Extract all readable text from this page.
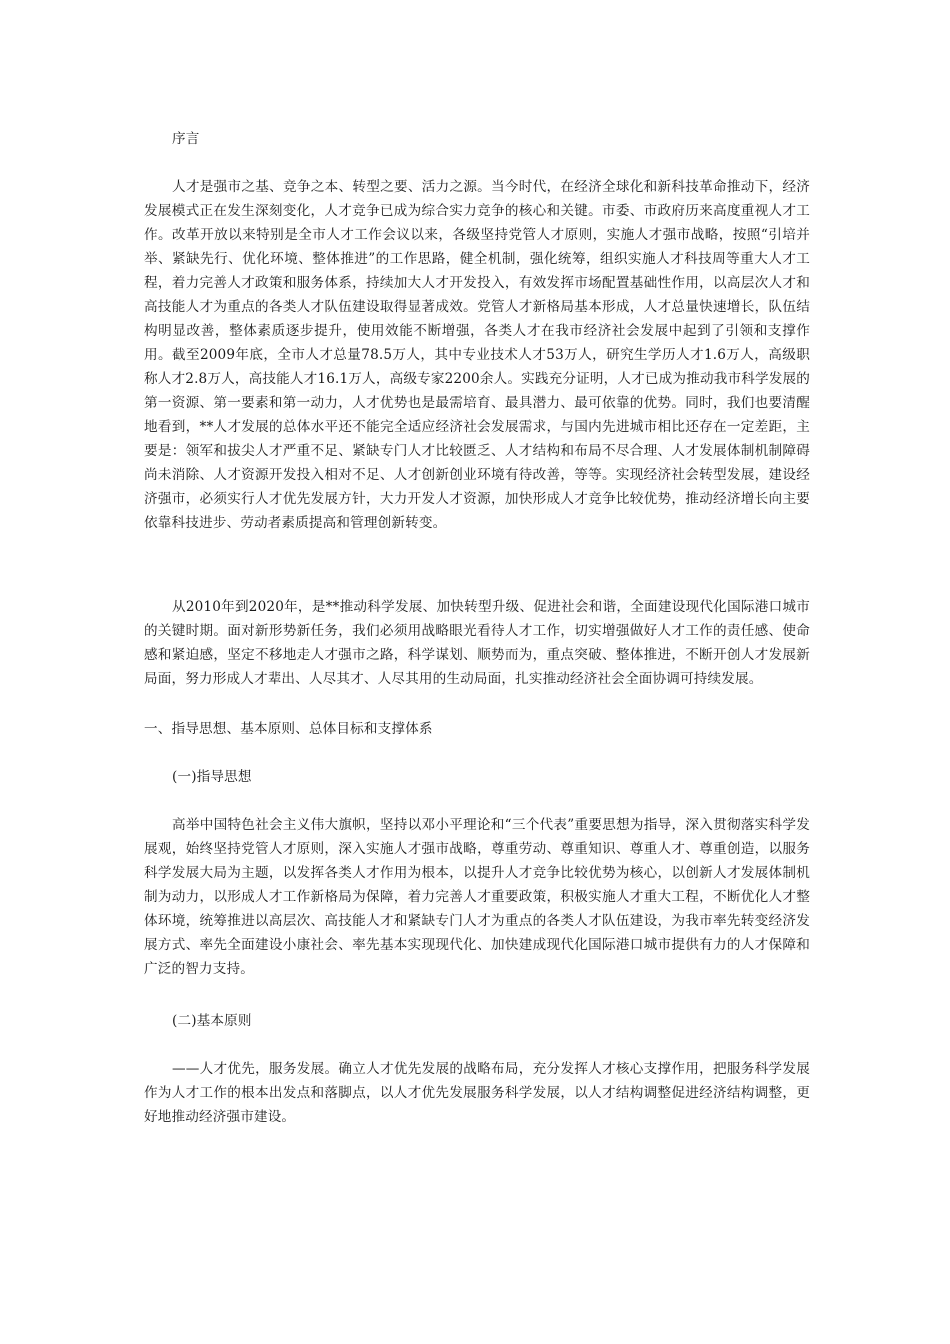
序言

人才是强市之基、竞争之本、转型之要、活力之源。当今时代，在经济全球化和新科技革命推动下，经济发展模式正在发生深刻变化，人才竞争已成为综合实力竞争的核心和关键。市委、市政府历来高度重视人才工作。改革开放以来特别是全市人才工作会议以来，各级坚持党管人才原则，实施人才强市战略，按照“引培并举、紧缺先行、优化环境、整体推进”的工作思路，健全机制，强化统筹，组织实施人才科技周等重大人才工程，着力完善人才政策和服务体系，持续加大人才开发投入，有效发挥市场配置基础性作用，以高层次人才和高技能人才为重点的各类人才队伍建设取得显著成效。党管人才新格局基本形成，人才总量快速增长，队伍结构明显改善，整体素质逐步提升，使用效能不断增强，各类人才在我市经济社会发展中起到了引领和支撑作用。截至2009年底，全市人才总量78.5万人，其中专业技术人才53万人，研究生学历人才1.6万人，高级职称人才2.8万人，高技能人才16.1万人，高级专家2200余人。实践充分证明，人才已成为推动我市科学发展的第一资源、第一要素和第一动力，人才优势也是最需培育、最具潜力、最可依靠的优势。同时，我们也要清醒地看到，**人才发展的总体水平还不能完全适应经济社会发展需求，与国内先进城市相比还存在一定差距，主要是：领军和拔尖人才严重不足、紧缺专门人才比较匮乏、人才结构和布局不尽合理、人才发展体制机制障碍尚未消除、人才资源开发投入相对不足、人才创新创业环境有待改善，等等。实现经济社会转型发展，建设经济强市，必须实行人才优先发展方针，大力开发人才资源，加快形成人才竞争比较优势，推动经济增长向主要依靠科技进步、劳动者素质提高和管理创新转变。

从2010年到2020年，是**推动科学发展、加快转型升级、促进社会和谐，全面建设现代化国际港口城市的关键时期。面对新形势新任务，我们必须用战略眼光看待人才工作，切实增强做好人才工作的责任感、使命感和紧迫感，坚定不移地走人才强市之路，科学谋划、顺势而为，重点突破、整体推进，不断开创人才发展新局面，努力形成人才辈出、人尽其才、人尽其用的生动局面，扎实推动经济社会全面协调可持续发展。

一、指导思想、基本原则、总体目标和支撑体系

(一)指导思想

高举中国特色社会主义伟大旗帜，坚持以邓小平理论和“三个代表”重要思想为指导，深入贯彻落实科学发展观，始终坚持党管人才原则，深入实施人才强市战略，尊重劳动、尊重知识、尊重人才、尊重创造，以服务科学发展大局为主题，以发挥各类人才作用为根本，以提升人才竞争比较优势为核心，以创新人才发展体制机制为动力，以形成人才工作新格局为保障，着力完善人才重要政策，积极实施人才重大工程，不断优化人才整体环境，统筹推进以高层次、高技能人才和紧缺专门人才为重点的各类人才队伍建设，为我市率先转变经济发展方式、率先全面建设小康社会、率先基本实现现代化、加快建成现代化国际港口城市提供有力的人才保障和广泛的智力支持。

(二)基本原则

——人才优先，服务发展。确立人才优先发展的战略布局，充分发挥人才核心支撑作用，把服务科学发展作为人才工作的根本出发点和落脚点，以人才优先发展服务科学发展，以人才结构调整促进经济结构调整，更好地推动经济强市建设。
